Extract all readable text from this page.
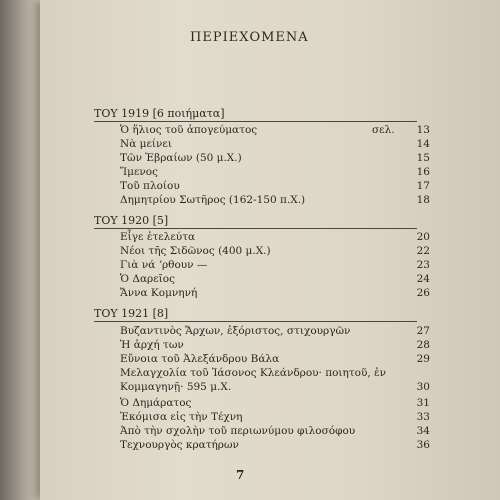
ΠΕΡΙΕΧΟΜΕΝΑ
ΤΟΥ 1919 [6 ποιήματα]
Ὁ ἥλιος τοῦ ἀπογεύματος	σελ.	13
Νὰ μείνει	14
Τῶν Ἑβραίων (50 μ.Χ.)	15
Ἴμενος	16
Τοῦ πλοίου	17
Δημητρίου Σωτῆρος (162-150 π.Χ.)	18
ΤΟΥ 1920 [5]
Εἶγε ἐτελεύτα	20
Νέοι τῆς Σιδῶνος (400 μ.Χ.)	22
Γιὰ νά ʼρθουν —	23
Ὁ Δαρεῖος	24
Ἄννα Κομνηνή	26
ΤΟΥ 1921 [8]
Βυζαντινὸς Ἄρχων, ἐξόριστος, στιχουργῶν	27
Ἡ ἀρχή των	28
Εὔνοια τοῦ Ἀλεξάνδρου Βάλα	29
Μελαγχολία τοῦ Ἰάσονος Κλεάνδρου· ποιητοῦ, ἐν
Κομμαγηνῇ· 595 μ.Χ.	30
Ὁ Δημάρατος	31
Ἐκόμισα εἰς τὴν Τέχνη	33
Ἀπὸ τὴν σχολὴν τοῦ περιωνύμου φιλοσόφου	34
Τεχνουργὸς κρατήρων	36
7
